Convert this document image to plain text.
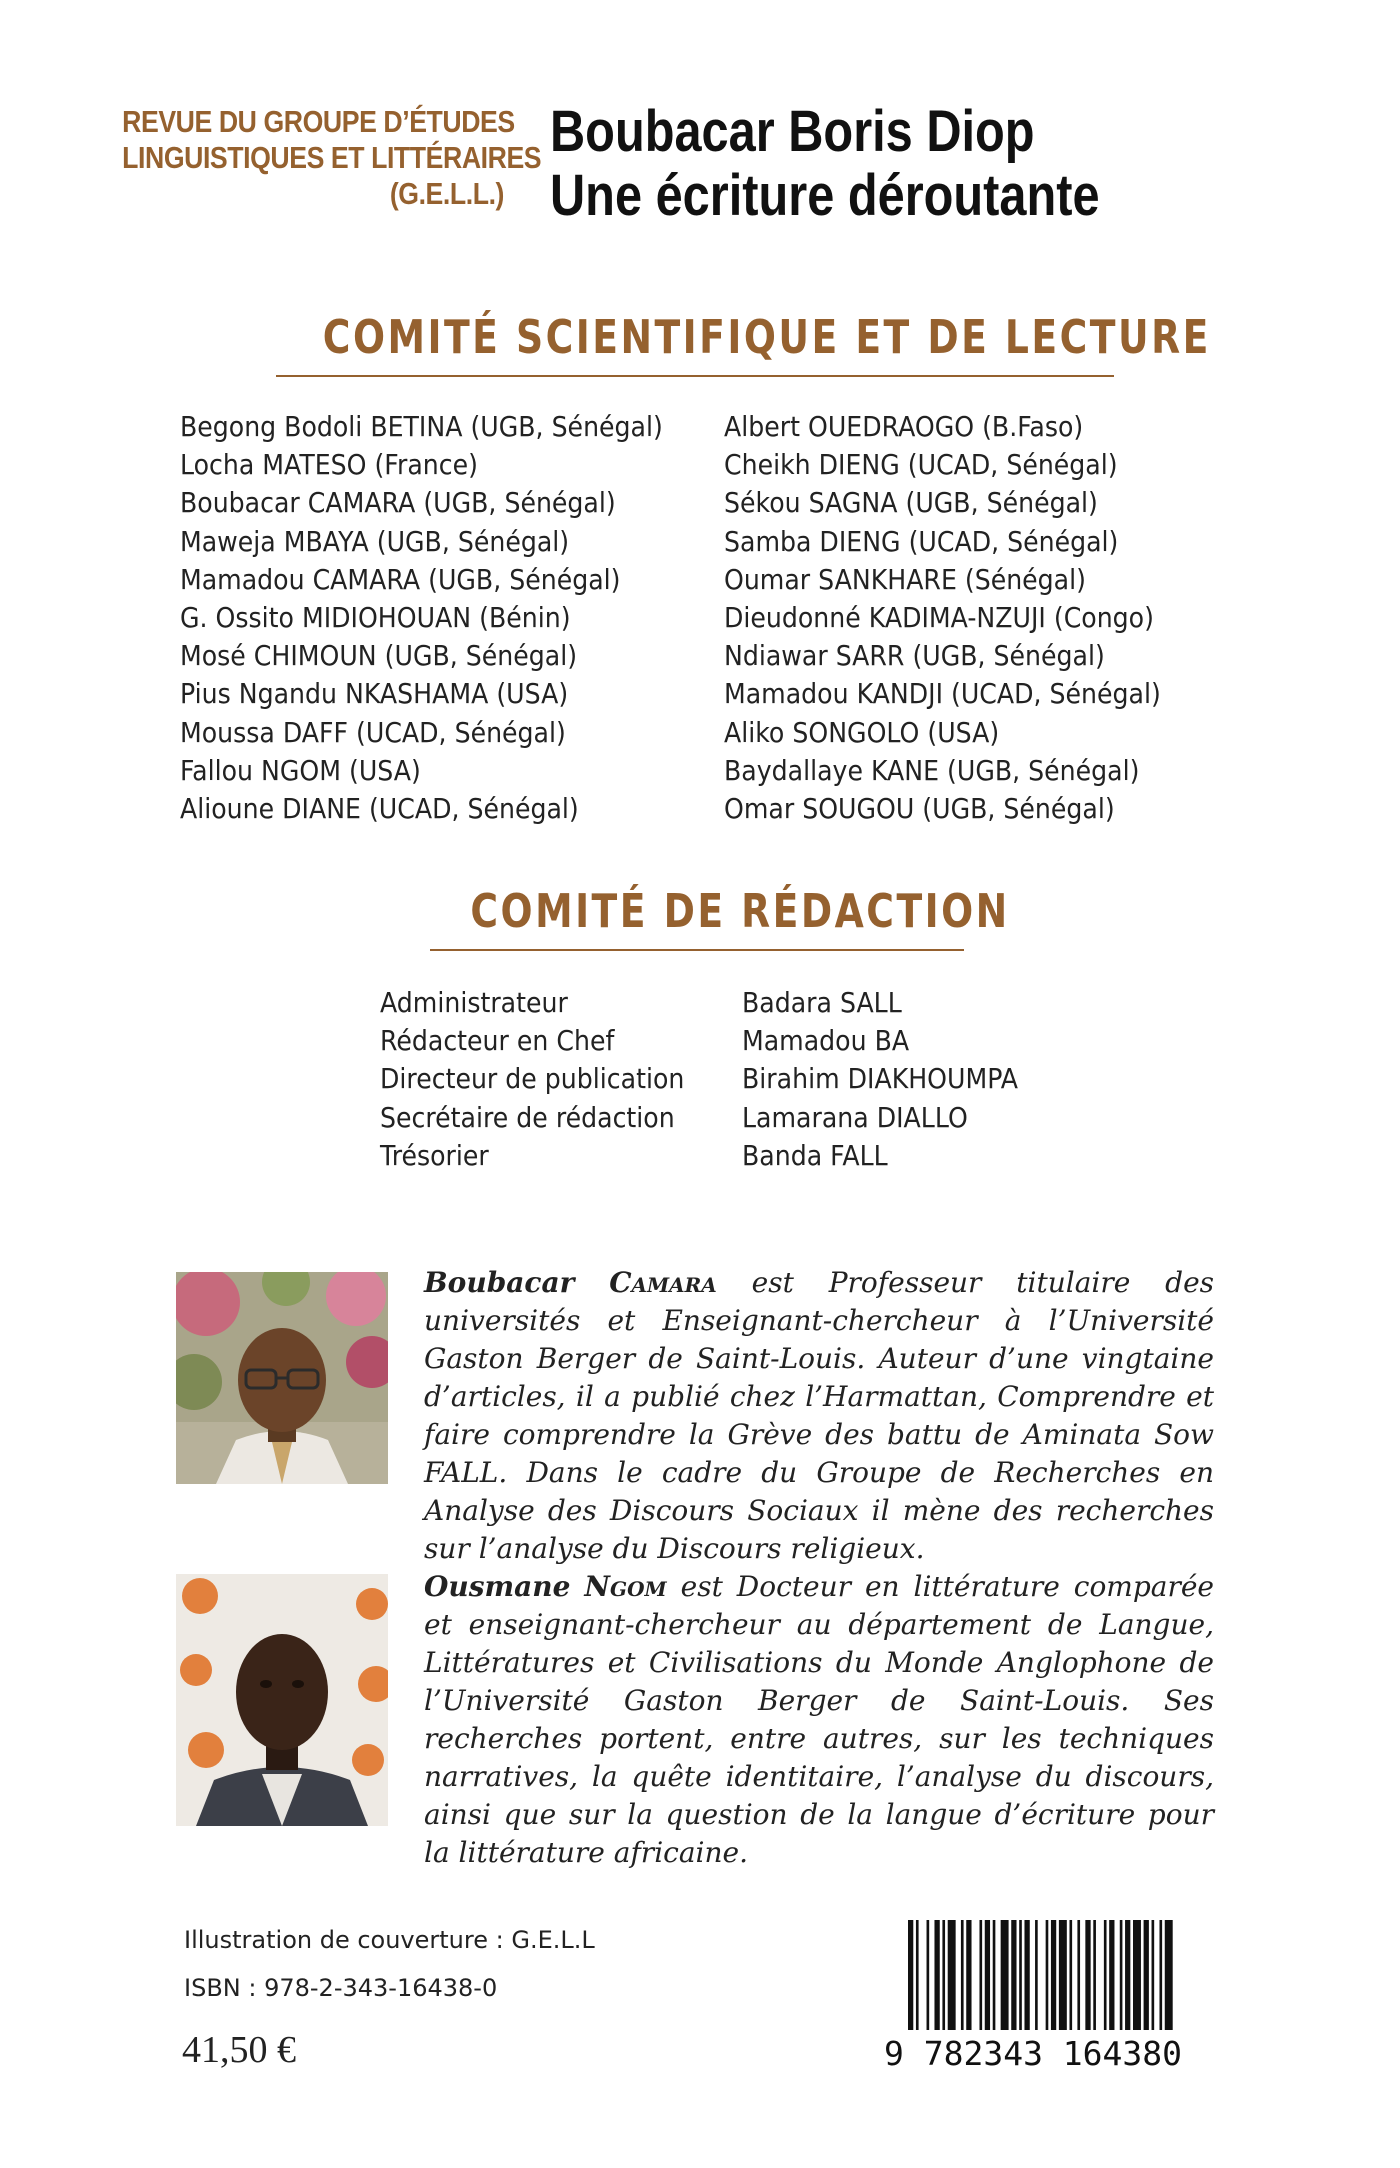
REVUE DU GROUPE D’ÉTUDES
LINGUISTIQUES ET LITTÉRAIRES
(G.E.L.L.)
Boubacar Boris Diop
Une écriture déroutante
COMITÉ SCIENTIFIQUE ET DE LECTURE
Begong Bodoli BETINA (UGB, Sénégal)
Locha MATESO (France)
Boubacar CAMARA (UGB, Sénégal)
Maweja MBAYA (UGB, Sénégal)
Mamadou CAMARA (UGB, Sénégal)
G. Ossito MIDIOHOUAN (Bénin)
Mosé CHIMOUN (UGB, Sénégal)
Pius Ngandu NKASHAMA (USA)
Moussa DAFF (UCAD, Sénégal)
Fallou NGOM (USA)
Alioune DIANE (UCAD, Sénégal)
Albert OUEDRAOGO (B.Faso)
Cheikh DIENG (UCAD, Sénégal)
Sékou SAGNA (UGB, Sénégal)
Samba DIENG (UCAD, Sénégal)
Oumar SANKHARE (Sénégal)
Dieudonné KADIMA-NZUJI (Congo)
Ndiawar SARR (UGB, Sénégal)
Mamadou KANDJI (UCAD, Sénégal)
Aliko SONGOLO (USA)
Baydallaye KANE (UGB, Sénégal)
Omar SOUGOU (UGB, Sénégal)
COMITÉ DE RÉDACTION
Administrateur
Rédacteur en Chef
Directeur de publication
Secrétaire de rédaction
Trésorier
Badara SALL
Mamadou BA
Birahim DIAKHOUMPA
Lamarana DIALLO
Banda FALL
Boubacar Camara est Professeur titulaire des universités et Enseignant-chercheur à l’Université Gaston Berger de Saint-Louis. Auteur d’une vingtaine d’articles, il a publié chez l’Harmattan, Comprendre et faire comprendre la Grève des battu de Aminata Sow FALL. Dans le cadre du Groupe de Recherches en Analyse des Discours Sociaux il mène des recherches sur l’analyse du Discours religieux.
Ousmane Ngom est Docteur en littérature comparée et enseignant-chercheur au département de Langue, Littératures et Civilisations du Monde Anglophone de l’Université Gaston Berger de Saint-Louis. Ses recherches portent, entre autres, sur les techniques narratives, la quête identitaire, l’analyse du discours, ainsi que sur la question de la langue d’écriture pour la littérature africaine.
Illustration de couverture : G.E.L.L
ISBN : 978-2-343-16438-0
41,50 €	9 782343 164380
